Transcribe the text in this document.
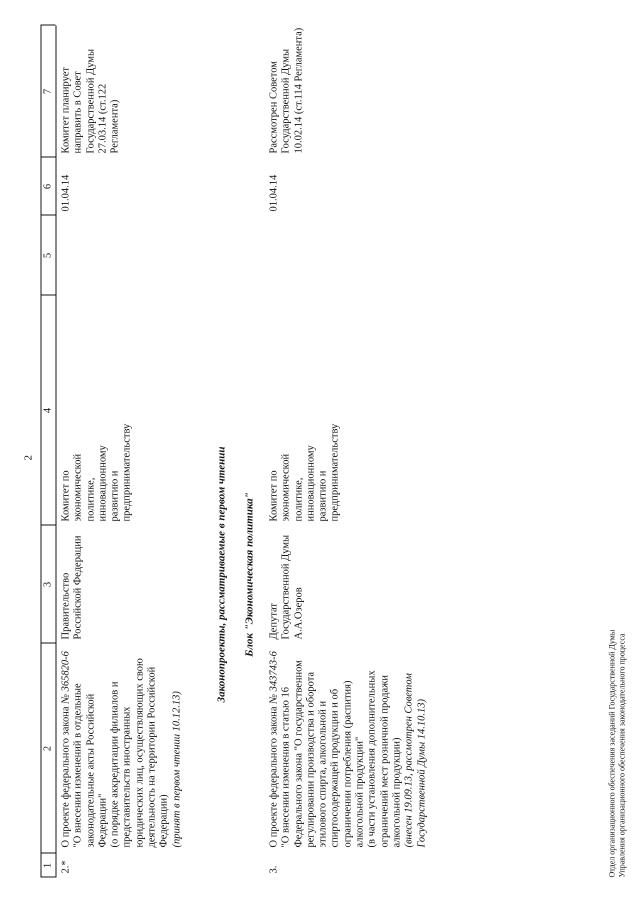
2
1
2
3
4
5
6
7
2.*
О проекте федерального закона № 365820-6
"О внесении изменений в отдельные законодательные акты Российской Федерации" (о порядке аккредитации филиалов и представительств иностранных юридических лиц, осуществляющих свою деятельность на территории Российской Федерации) (принят в первом чтении 10.12.13)
Правительство Российской Федерации
Комитет по экономической политике, инновационному развитию и предпринимательству
01.04.14
Комитет планирует направить в Совет Государственной Думы 27.03.14 (ст.122 Регламента)
Законопроекты, рассматриваемые в первом чтении Блок "Экономическая политика"
3.
О проекте федерального закона № 343743-6
"О внесении изменения в статью 16 Федерального закона "О государственном регулировании производства и оборота этилового спирта, алкогольной и спиртосодержащей продукции и об ограничении потребления (распития) алкогольной продукции" (в части установления дополнительных ограничений мест розничной продажи алкогольной продукции) (внесен 19.09.13, рассмотрен Советом Государственной Думы 14.10.13)
Депутат Государственной Думы А.А.Озеров
Комитет по экономической политике, инновационному развитию и предпринимательству
01.04.14
Рассмотрен Советом Государственной Думы 10.02.14 (ст.114 Регламента)
Отдел организационного обеспечения заседаний Государственной Думы Управления организационного обеспечения законодательного процесса
